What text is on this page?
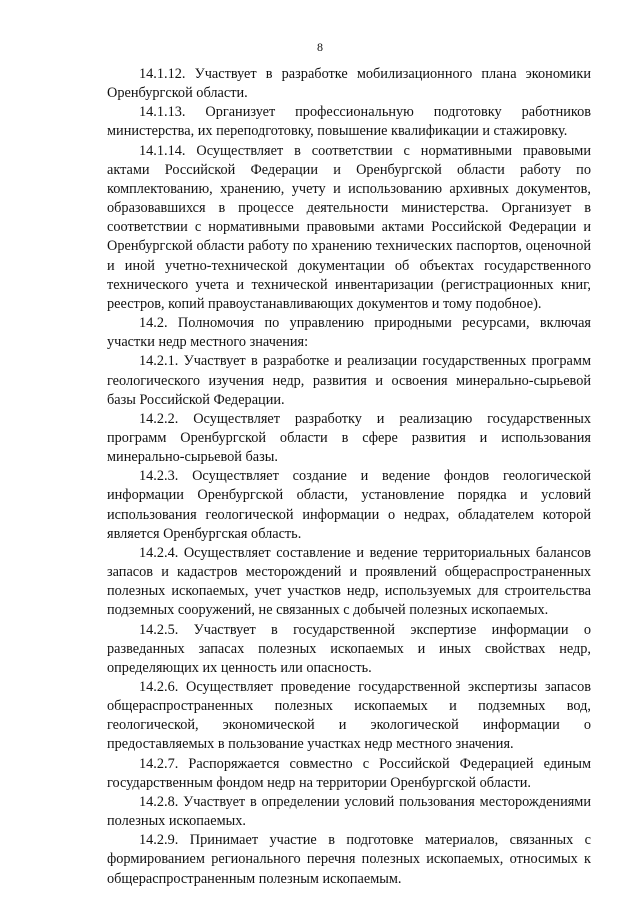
8

14.1.12. Участвует в разработке мобилизационного плана экономики Оренбургской области.

14.1.13. Организует профессиональную подготовку работников министерства, их переподготовку, повышение квалификации и стажировку.

14.1.14. Осуществляет в соответствии с нормативными правовыми актами Российской Федерации и Оренбургской области работу по комплектованию, хранению, учету и использованию архивных документов, образовавшихся в процессе деятельности министерства. Организует в соответствии с нормативными правовыми актами Российской Федерации и Оренбургской области работу по хранению технических паспортов, оценочной и иной учетно-технической документации об объектах государственного технического учета и технической инвентаризации (регистрационных книг, реестров, копий правоустанавливающих документов и тому подобное).

14.2. Полномочия по управлению природными ресурсами, включая участки недр местного значения:

14.2.1. Участвует в разработке и реализации государственных программ геологического изучения недр, развития и освоения минерально-сырьевой базы Российской Федерации.

14.2.2. Осуществляет разработку и реализацию государственных программ Оренбургской области в сфере развития и использования минерально-сырьевой базы.

14.2.3. Осуществляет создание и ведение фондов геологической информации Оренбургской области, установление порядка и условий использования геологической информации о недрах, обладателем которой является Оренбургская область.

14.2.4. Осуществляет составление и ведение территориальных балансов запасов и кадастров месторождений и проявлений общераспространенных полезных ископаемых, учет участков недр, используемых для строительства подземных сооружений, не связанных с добычей полезных ископаемых.

14.2.5. Участвует в государственной экспертизе информации о разведанных запасах полезных ископаемых и иных свойствах недр, определяющих их ценность или опасность.

14.2.6. Осуществляет проведение государственной экспертизы запасов общераспространенных полезных ископаемых и подземных вод, геологической, экономической и экологической информации о предоставляемых в пользование участках недр местного значения.

14.2.7. Распоряжается совместно с Российской Федерацией единым государственным фондом недр на территории Оренбургской области.

14.2.8. Участвует в определении условий пользования месторождениями полезных ископаемых.

14.2.9. Принимает участие в подготовке материалов, связанных с формированием регионального перечня полезных ископаемых, относимых к общераспространенным полезным ископаемым.
